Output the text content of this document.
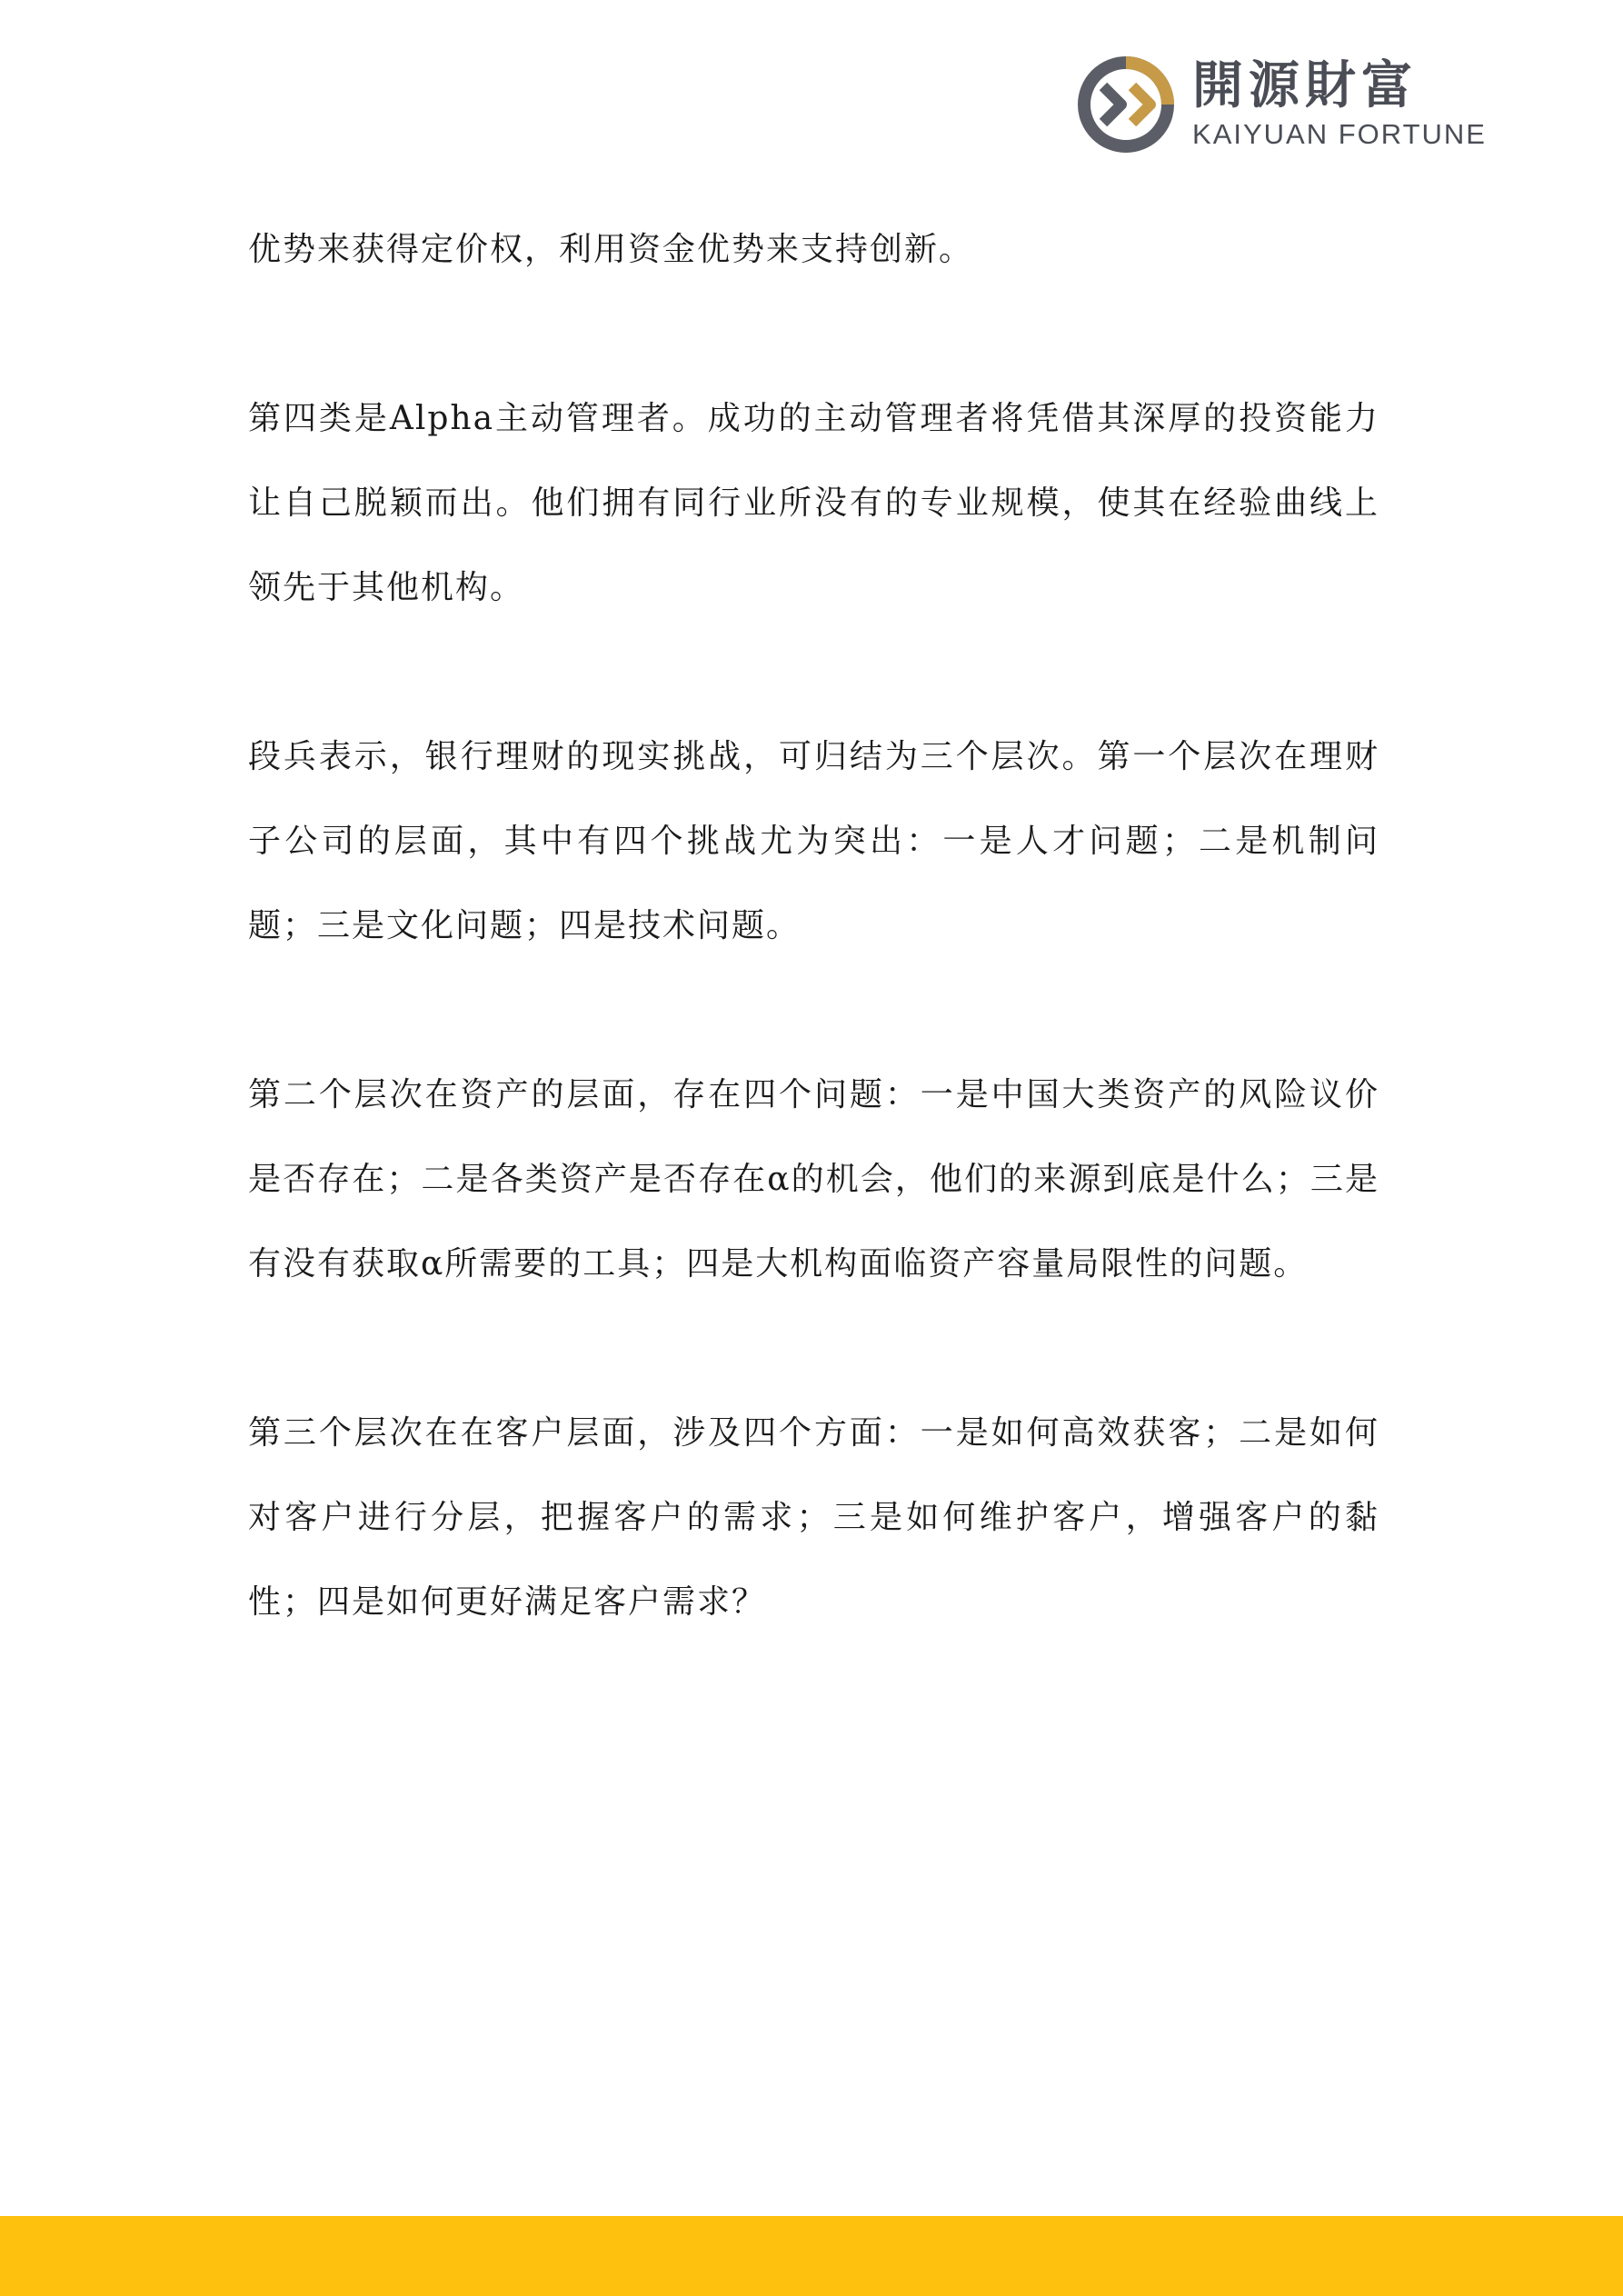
開源財富
KAIYUAN FORTUNE

优势来获得定价权，利用资金优势来支持创新。

第四类是Alpha主动管理者。成功的主动管理者将凭借其深厚的投资能力让自己脱颖而出。他们拥有同行业所没有的专业规模，使其在经验曲线上领先于其他机构。

段兵表示，银行理财的现实挑战，可归结为三个层次。第一个层次在理财子公司的层面，其中有四个挑战尤为突出：一是人才问题；二是机制问题；三是文化问题；四是技术问题。

第二个层次在资产的层面，存在四个问题：一是中国大类资产的风险议价是否存在；二是各类资产是否存在α的机会，他们的来源到底是什么；三是有没有获取α所需要的工具；四是大机构面临资产容量局限性的问题。

第三个层次在在客户层面，涉及四个方面：一是如何高效获客；二是如何对客户进行分层，把握客户的需求；三是如何维护客户，增强客户的黏性；四是如何更好满足客户需求？
